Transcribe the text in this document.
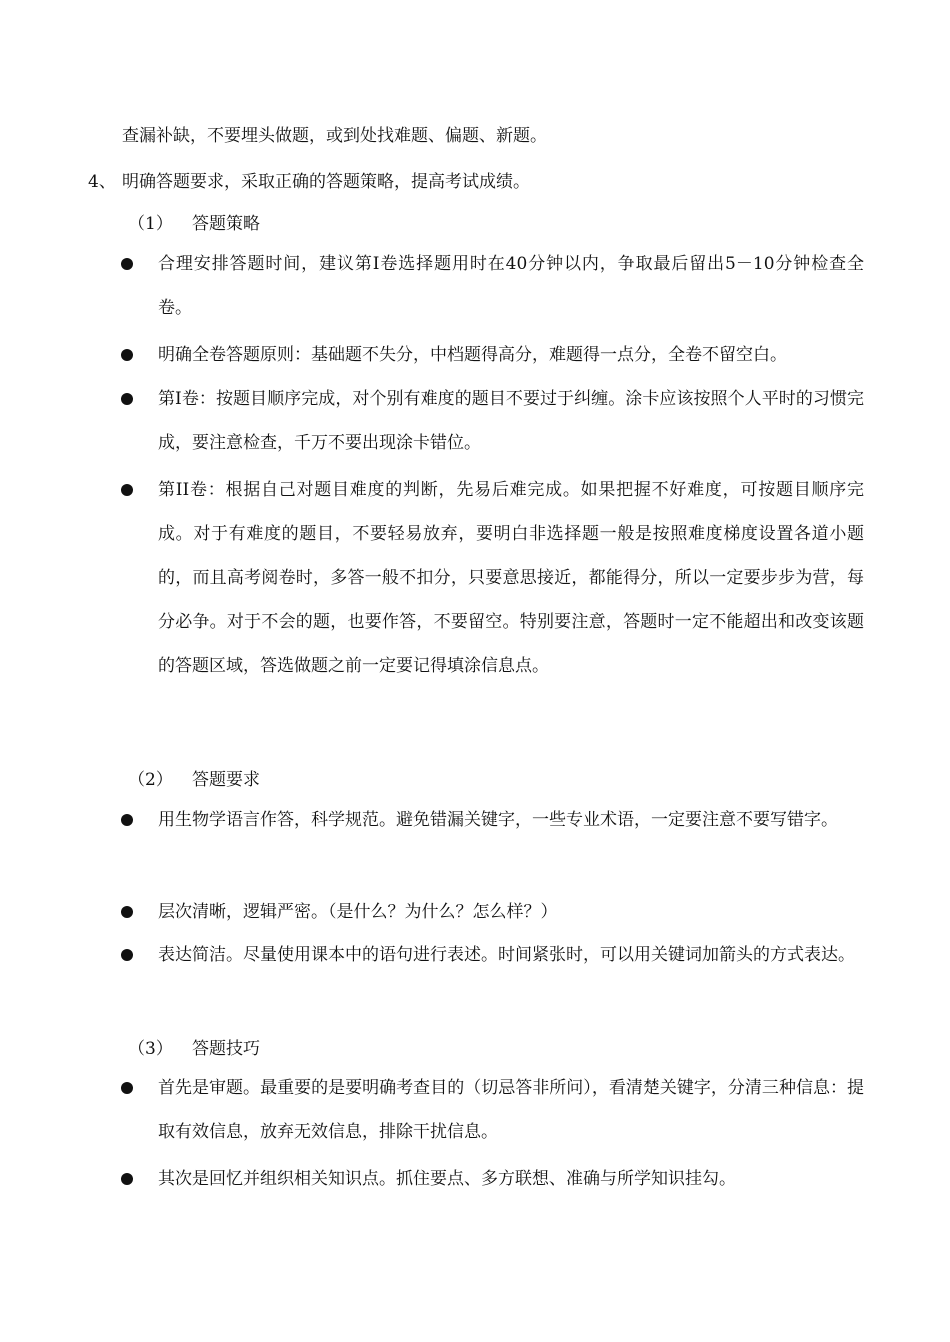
查漏补缺，不要埋头做题，或到处找难题、偏题、新题。
4、 明确答题要求，采取正确的答题策略，提高考试成绩。
（1） 答题策略
合理安排答题时间，建议第I卷选择题用时在40分钟以内，争取最后留出5－10分钟检查全卷。
明确全卷答题原则：基础题不失分，中档题得高分，难题得一点分，全卷不留空白。
第I卷：按题目顺序完成，对个别有难度的题目不要过于纠缠。涂卡应该按照个人平时的习惯完成，要注意检查，千万不要出现涂卡错位。
第II卷：根据自己对题目难度的判断，先易后难完成。如果把握不好难度，可按题目顺序完成。对于有难度的题目，不要轻易放弃，要明白非选择题一般是按照难度梯度设置各道小题的，而且高考阅卷时，多答一般不扣分，只要意思接近，都能得分，所以一定要步步为营，每分必争。对于不会的题，也要作答，不要留空。特别要注意，答题时一定不能超出和改变该题的答题区域，答选做题之前一定要记得填涂信息点。
（2） 答题要求
用生物学语言作答，科学规范。避免错漏关键字，一些专业术语，一定要注意不要写错字。
层次清晰，逻辑严密。（是什么？为什么？怎么样？）
表达简洁。尽量使用课本中的语句进行表述。时间紧张时，可以用关键词加箭头的方式表达。
（3） 答题技巧
首先是审题。最重要的是要明确考查目的（切忌答非所问），看清楚关键字，分清三种信息：提取有效信息，放弃无效信息，排除干扰信息。
其次是回忆并组织相关知识点。抓住要点、多方联想、准确与所学知识挂勾。
